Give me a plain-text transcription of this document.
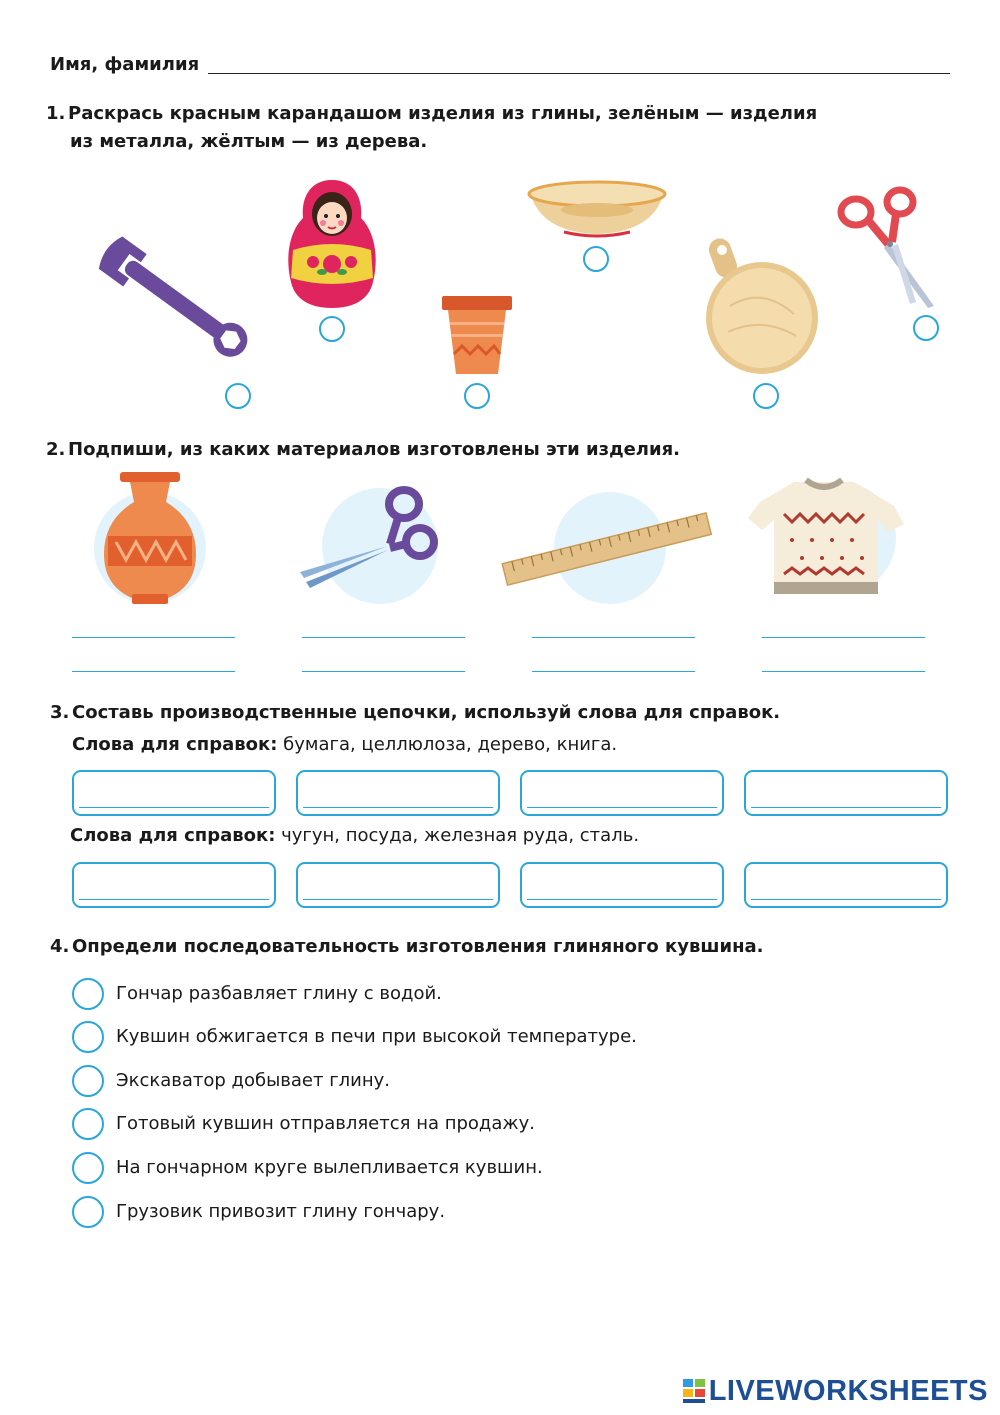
Имя, фамилия
1. Раскрась красным карандашом изделия из глины, зелёным — изделия
из металла, жёлтым — из дерева.
2. Подпиши, из каких материалов изготовлены эти изделия.
3. Составь производственные цепочки, используй слова для справок.
Слова для справок: бумага, целлюлоза, дерево, книга.
Слова для справок: чугун, посуда, железная руда, сталь.
4. Определи последовательность изготовления глиняного кувшина.
Гончар разбавляет глину с водой.
Кувшин обжигается в печи при высокой температуре.
Экскаватор добывает глину.
Готовый кувшин отправляется на продажу.
На гончарном круге вылепливается кувшин.
Грузовик привозит глину гончару.
LIVEWORKSHEETS
